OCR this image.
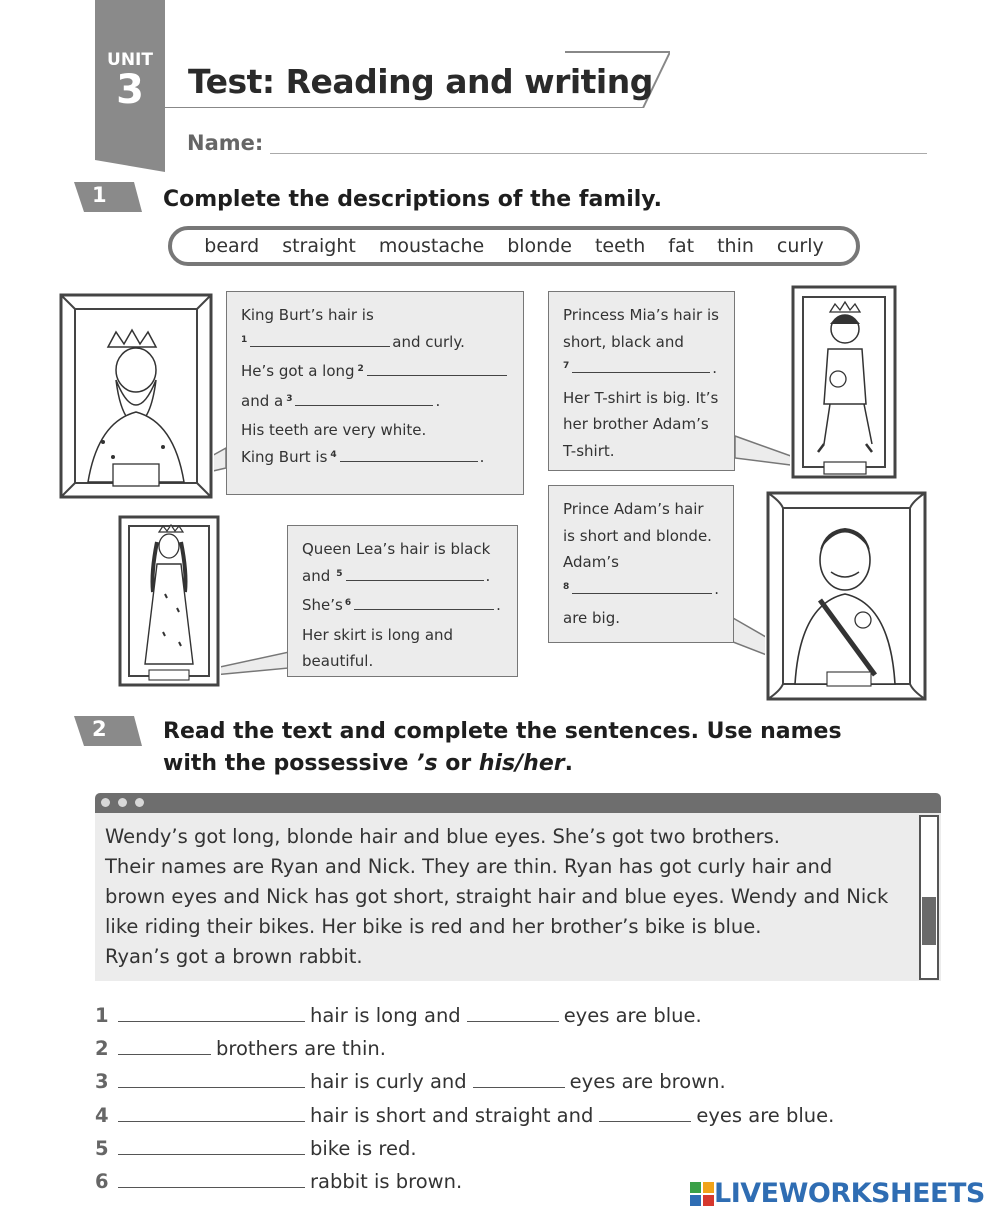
UNIT
3	Test: Reading and writing
Name:
1	Complete the descriptions of the family.
beard straight moustache blonde teeth fat thin curly
King Burt’s hair is
1	and curly.
He’s got a long 2
and a 3	.
His teeth are very white.
King Burt is 4	.
Princess Mia’s hair is
short, black and
7	.
Her T-shirt is big. It’s
her brother Adam’s
T-shirt.
Queen Lea’s hair is black
and 5	.
She’s 6	.
Her skirt is long and
beautiful.
Prince Adam’s hair
is short and blonde.
Adam’s
8	.
are big.
2	Read the text and complete the sentences. Use names
with the possessive ’s or his/her.
Wendy’s got long, blonde hair and blue eyes. She’s got two brothers.
Their names are Ryan and Nick. They are thin. Ryan has got curly hair and
brown eyes and Nick has got short, straight hair and blue eyes. Wendy and Nick
like riding their bikes. Her bike is red and her brother’s bike is blue.
Ryan’s got a brown rabbit.
1	hair is long and	eyes are blue.
2	brothers are thin.
3	hair is curly and	eyes are brown.
4	hair is short and straight and	eyes are blue.
5	bike is red.
6	rabbit is brown.	LIVEWORKSHEETS
